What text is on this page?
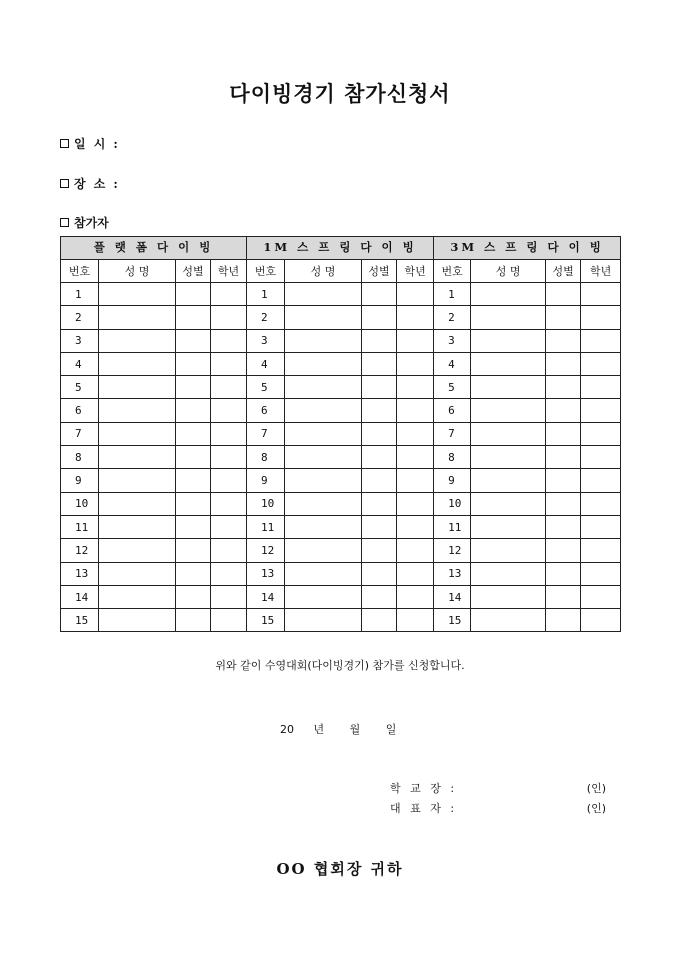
다이빙경기 참가신청서
일 시 :
장 소 :
참가자
플 랫 폼 다 이 빙				1M 스 프 링 다 이 빙				3M 스 프 링 다 이 빙			
번호	성 명	성별	학년	번호	성 명	성별	학년	번호	성 명	성별	학년
1				1				1			
2				2				2			
3				3				3			
4				4				4			
5				5				5			
6				6				6			
7				7				7			
8				8				8			
9				9				9			
10				10				10			
11				11				11			
12				12				12			
13				13				13			
14				14				14			
15				15				15			
위와 같이 수영대회(다이빙경기) 참가를 신청합니다.
20 년 월 일
학 교 장 :	(인)
대 표 자 :	(인)
OO 협회장 귀하
